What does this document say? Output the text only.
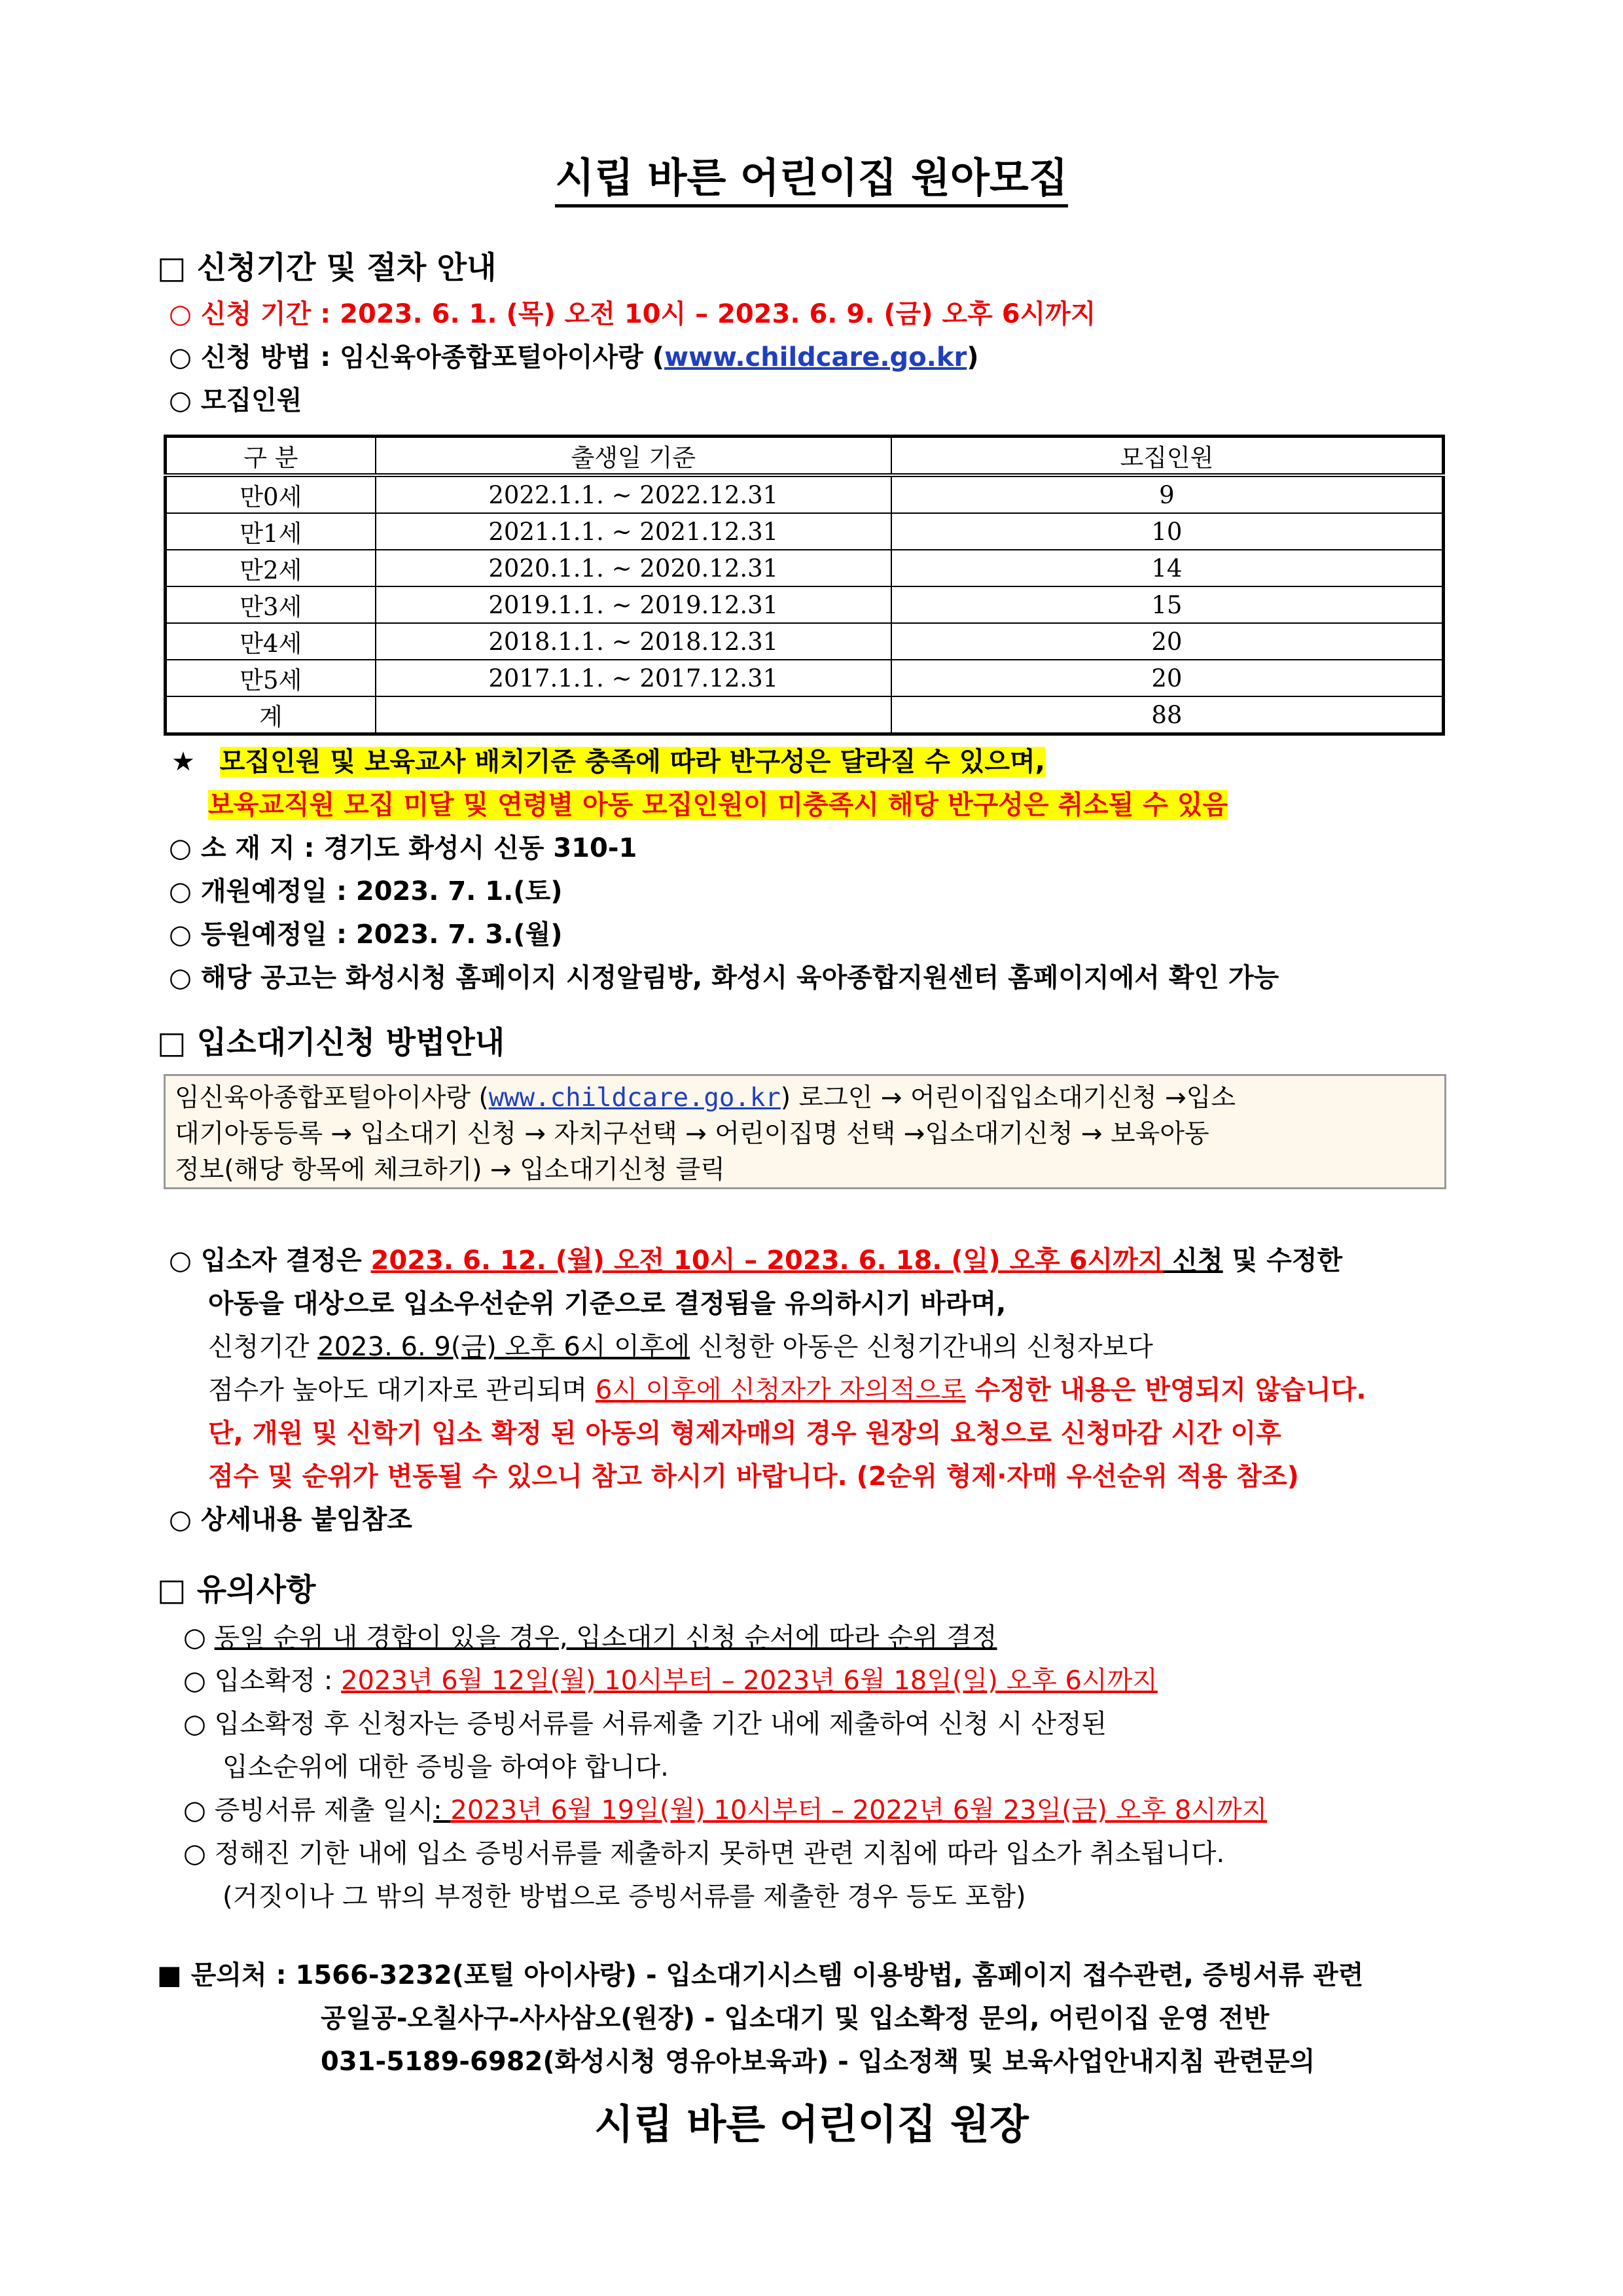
시립 바른 어린이집 원아모집
□ 신청기간 및 절차 안내
○ 신청 기간 : 2023. 6. 1. (목) 오전 10시 – 2023. 6. 9. (금) 오후 6시까지
○ 신청 방법 : 임신육아종합포털아이사랑 (www.childcare.go.kr)
○ 모집인원
구 분	출생일 기준	모집인원
만0세	2022.1.1. ~ 2022.12.31	9
만1세	2021.1.1. ~ 2021.12.31	10
만2세	2020.1.1. ~ 2020.12.31	14
만3세	2019.1.1. ~ 2019.12.31	15
만4세	2018.1.1. ~ 2018.12.31	20
만5세	2017.1.1. ~ 2017.12.31	20
계		88
★ 모집인원 및 보육교사 배치기준 충족에 따라 반구성은 달라질 수 있으며,
보육교직원 모집 미달 및 연령별 아동 모집인원이 미충족시 해당 반구성은 취소될 수 있음
○ 소 재 지 : 경기도 화성시 신동 310-1
○ 개원예정일 : 2023. 7. 1.(토)
○ 등원예정일 : 2023. 7. 3.(월)
○ 해당 공고는 화성시청 홈페이지 시정알림방, 화성시 육아종합지원센터 홈페이지에서 확인 가능
□ 입소대기신청 방법안내
임신육아종합포털아이사랑 (www.childcare.go.kr) 로그인 → 어린이집입소대기신청 →입소
대기아동등록 → 입소대기 신청 → 자치구선택 → 어린이집명 선택 →입소대기신청 → 보육아동
정보(해당 항목에 체크하기) → 입소대기신청 클릭
○ 입소자 결정은 2023. 6. 12. (월) 오전 10시 – 2023. 6. 18. (일) 오후 6시까지 신청 및 수정한
아동을 대상으로 입소우선순위 기준으로 결정됨을 유의하시기 바라며,
신청기간 2023. 6. 9(금) 오후 6시 이후에 신청한 아동은 신청기간내의 신청자보다
점수가 높아도 대기자로 관리되며 6시 이후에 신청자가 자의적으로 수정한 내용은 반영되지 않습니다.
단, 개원 및 신학기 입소 확정 된 아동의 형제자매의 경우 원장의 요청으로 신청마감 시간 이후
점수 및 순위가 변동될 수 있으니 참고 하시기 바랍니다. (2순위 형제·자매 우선순위 적용 참조)
○ 상세내용 붙임참조
□ 유의사항
○ 동일 순위 내 경합이 있을 경우, 입소대기 신청 순서에 따라 순위 결정
○ 입소확정 : 2023년 6월 12일(월) 10시부터 – 2023년 6월 18일(일) 오후 6시까지
○ 입소확정 후 신청자는 증빙서류를 서류제출 기간 내에 제출하여 신청 시 산정된
입소순위에 대한 증빙을 하여야 합니다.
○ 증빙서류 제출 일시: 2023년 6월 19일(월) 10시부터 – 2022년 6월 23일(금) 오후 8시까지
○ 정해진 기한 내에 입소 증빙서류를 제출하지 못하면 관련 지침에 따라 입소가 취소됩니다.
(거짓이나 그 밖의 부정한 방법으로 증빙서류를 제출한 경우 등도 포함)
■ 문의처 : 1566-3232(포털 아이사랑) - 입소대기시스템 이용방법, 홈페이지 접수관련, 증빙서류 관련
공일공-오칠사구-사사삼오(원장) - 입소대기 및 입소확정 문의, 어린이집 운영 전반
031-5189-6982(화성시청 영유아보육과) - 입소정책 및 보육사업안내지침 관련문의
시립 바른 어린이집 원장
